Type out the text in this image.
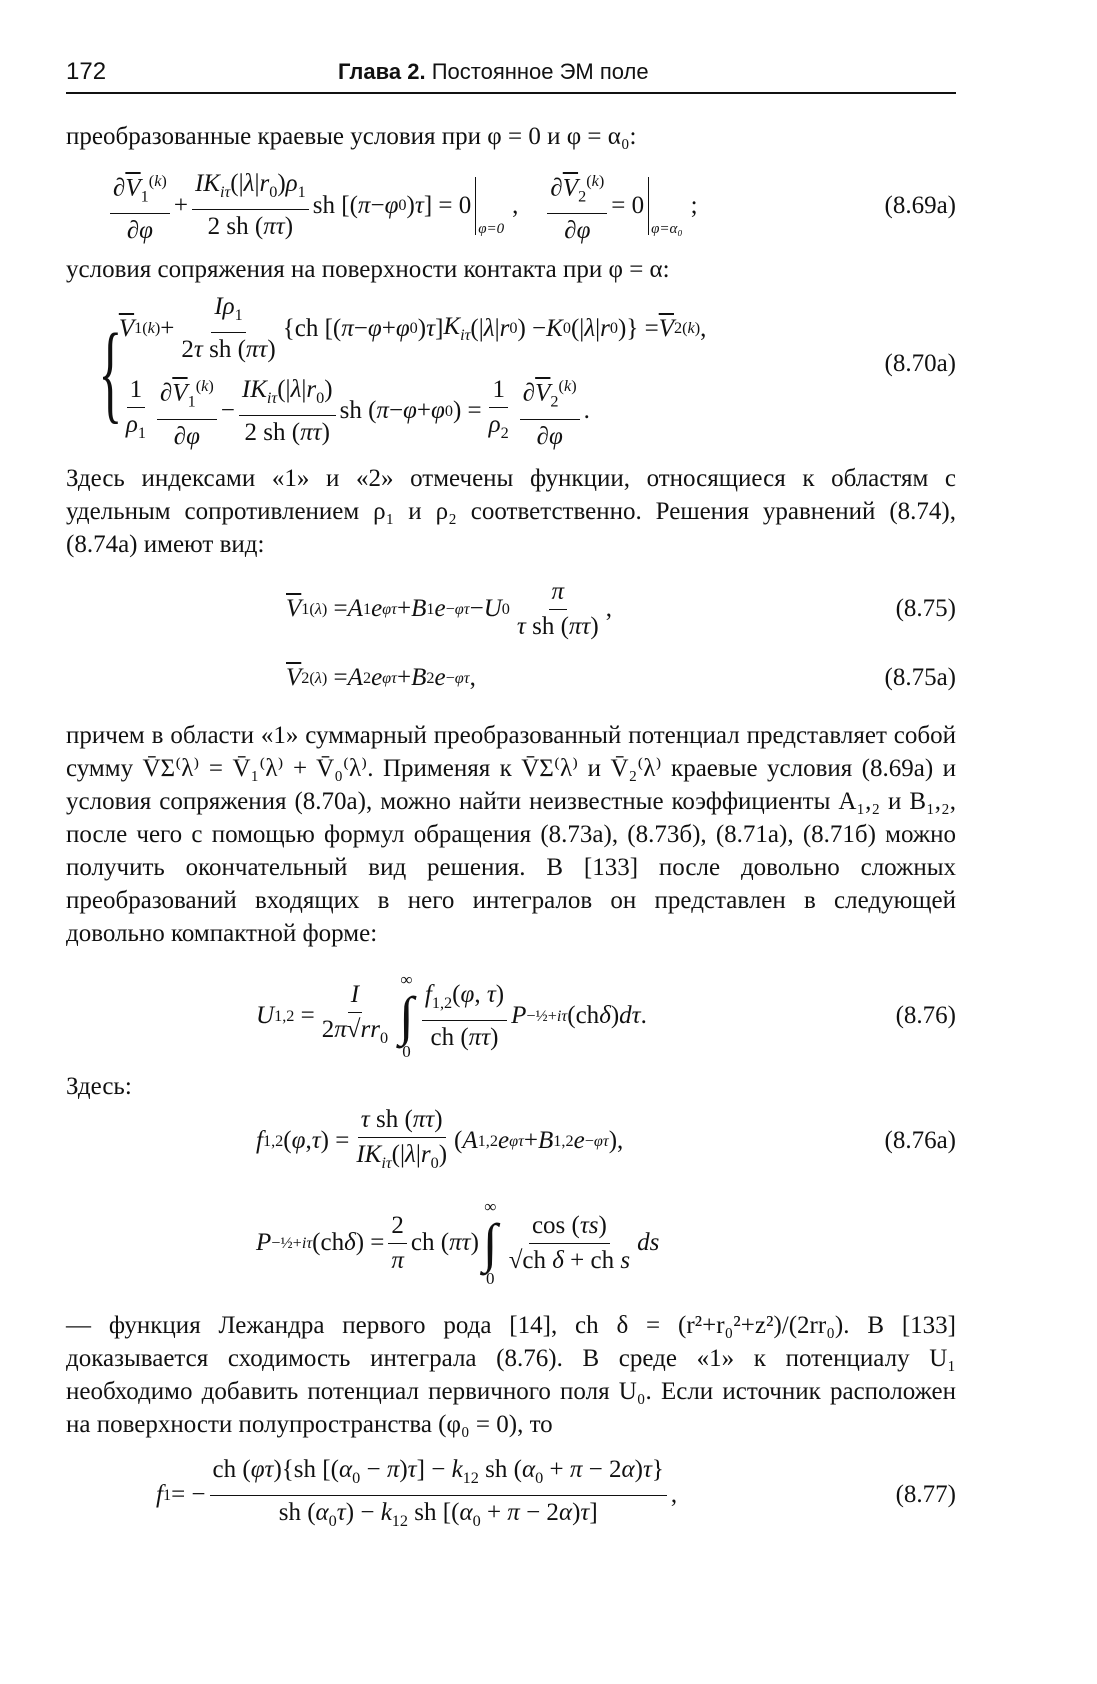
172	Глава 2. Постоянное ЭМ поле

преобразованные краевые условия при φ = 0 и φ = α₀:

$\frac{\partial\overline{V}_1^{(k)}}{\partial\varphi} + \frac{IK_{i\tau}(|\lambda|r_0)\rho_1}{2 sh (\pi\tau)}$ sh [( π − φ 0 ) τ ] = 0
φ=0
, $\frac{\partial\overline{V}_2^{(k)}}{\partial\varphi} = 0$
φ=α₀
;	(8.69a)

условия сопряжения на поверхности контакта при φ = α:

{
$\overline{V}$ 1 $(k) + \frac{I\rho_1}{\text{2τ sh (πτ)}} \{ch$ [( π − φ + φ 0 ) τ ] $K_{i\tau}$ (| λ | r 0 ) − K 0 (| λ | r 0 )} = $\overline{V}$ 2 (k) ,
$\frac{1}{\rho_1} \frac{\partial\overline{V}_1^{(k)}}{\partial\varphi} - \frac{IK_{i\tau}(|\lambda|r_0)}{2 sh (\pi\tau)}$ sh ( π − φ + φ 0 ) = $\frac{1}{\rho_2} \frac{\partial\overline{V}_2^{(k)}}{\partial\varphi}$ .
(8.70a)

Здесь индексами «1» и «2» отмечены функции, относящиеся к областям с удельным сопротивлением ρ₁ и ρ₂ соответственно. Решения уравнений (8.74), (8.74a) имеют вид:

$\overline{V}$ 1 (λ) = A 1 e φτ + B 1 e −φτ − U $0 \frac{\pi}{\text{τ sh (πτ)}}$ ,	(8.75)
$\overline{V}$ 2 (λ) = A 2 e φτ + B 2 e −φτ ,	(8.75a)

причем в области «1» суммарный преобразованный потенциал представляет собой сумму V̄Σ⁽λ⁾ = V̄₁⁽λ⁾ + V̄₀⁽λ⁾. Применяя к V̄Σ⁽λ⁾ и V̄₂⁽λ⁾ краевые условия (8.69a) и условия сопряжения (8.70a), можно найти неизвестные коэффициенты A₁,₂ и B₁,₂, после чего с помощью формул обращения (8.73a), (8.73б), (8.71a), (8.71б) можно получить окончательный вид решения. В [133] после довольно сложных преобразований входящих в него интегралов он представлен в следующей довольно компактной форме:

U $1,2 = \frac{I}{2\pi√rr_0}$ ∞
∫
$0 \frac{f_{1,2}(\varphi, \tau)}{ch (\pi\tau)}$ P −½+iτ (ch δ ) dτ .	(8.76)

Здесь:

f 1,2 ( φ , τ ) = $\frac{\text{τ sh (πτ)}}{IK_{i\tau}(|\lambda|r_0)}$ ( A 1,2 e φτ + B 1,2 e −φτ ),	(8.76a)
P −½+iτ (ch δ ) = $\frac{2}{\pi}$ ch ( πτ )
∞
∫
0
$\frac{\cos (\tau s)}{\text{√ch δ + ch s}}$ ds

— функция Лежандра первого рода [14], ch δ = (r²+r₀²+z²)/(2rr₀). В [133] доказывается сходимость интеграла (8.76). В среде «1» к потенциалу U₁ необходимо добавить потенциал первичного поля U₀. Если источник расположен на поверхности полупространства (φ₀ = 0), то

f 1 = − $\frac{ch (\varphi\tau)\{sh [(\alpha_0 - \pi)\tau] - k_{12} sh (\alpha_0 + \pi - 2\alpha)\tau\}}{sh (\alpha_0\tau) - k_{12} sh [(\alpha_0 + \pi - 2\alpha)\tau]}$ ,	(8.77)
